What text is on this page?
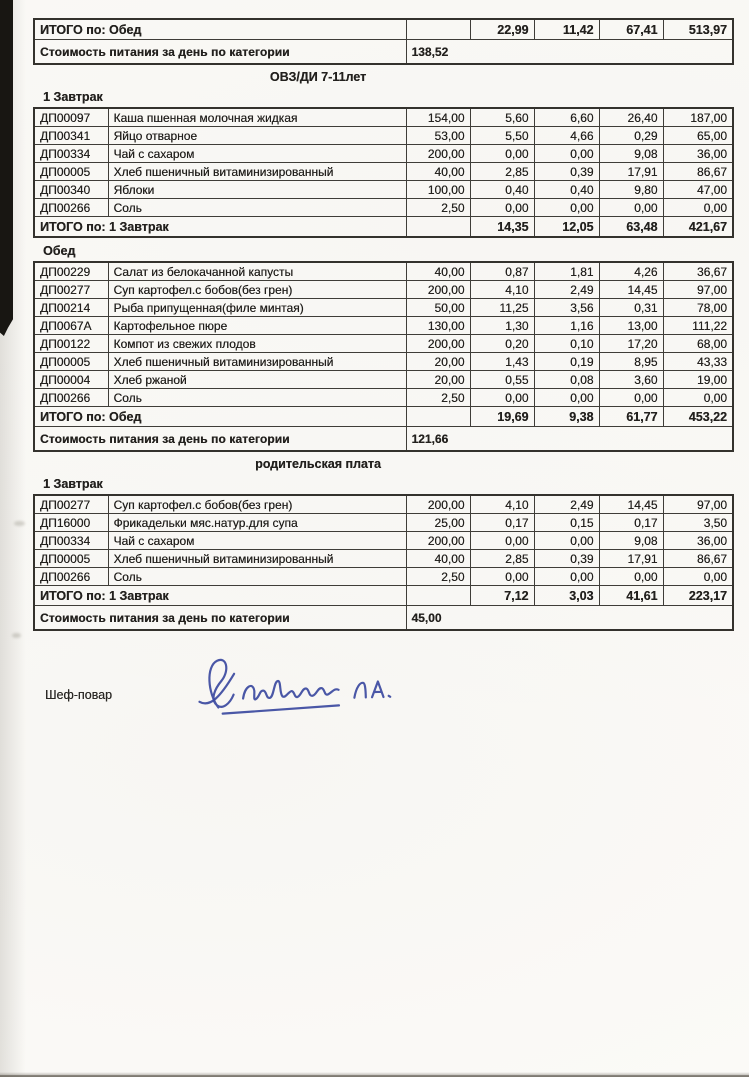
ИТОГО по: Обед		22,99	11,42	67,41	513,97
Стоимость питания за день по категории	138,52				
ОВЗ/ДИ 7-11лет
1 Завтрак
ДП00097	Каша пшенная молочная жидкая	154,00	5,60	6,60	26,40	187,00
ДП00341	Яйцо отварное	53,00	5,50	4,66	0,29	65,00
ДП00334	Чай с сахаром	200,00	0,00	0,00	9,08	36,00
ДП00005	Хлеб пшеничный витаминизированный	40,00	2,85	0,39	17,91	86,67
ДП00340	Яблоки	100,00	0,40	0,40	9,80	47,00
ДП00266	Соль	2,50	0,00	0,00	0,00	0,00
ИТОГО по: 1 Завтрак			14,35	12,05	63,48	421,67
Обед
ДП00229	Салат из белокачанной капусты	40,00	0,87	1,81	4,26	36,67
ДП00277	Суп картофел.с бобов(без грен)	200,00	4,10	2,49	14,45	97,00
ДП00214	Рыба припущенная(филе минтая)	50,00	11,25	3,56	0,31	78,00
ДП0067А	Картофельное пюре	130,00	1,30	1,16	13,00	111,22
ДП00122	Компот из свежих плодов	200,00	0,20	0,10	17,20	68,00
ДП00005	Хлеб пшеничный витаминизированный	20,00	1,43	0,19	8,95	43,33
ДП00004	Хлеб ржаной	20,00	0,55	0,08	3,60	19,00
ДП00266	Соль	2,50	0,00	0,00	0,00	0,00
ИТОГО по: Обед			19,69	9,38	61,77	453,22
Стоимость питания за день по категории		121,66				
родительская плата
1 Завтрак
ДП00277	Суп картофел.с бобов(без грен)	200,00	4,10	2,49	14,45	97,00
ДП16000	Фрикадельки мяс.натур.для супа	25,00	0,17	0,15	0,17	3,50
ДП00334	Чай с сахаром	200,00	0,00	0,00	9,08	36,00
ДП00005	Хлеб пшеничный витаминизированный	40,00	2,85	0,39	17,91	86,67
ДП00266	Соль	2,50	0,00	0,00	0,00	0,00
ИТОГО по: 1 Завтрак			7,12	3,03	41,61	223,17
Стоимость питания за день по категории		45,00				
Шеф-повар
